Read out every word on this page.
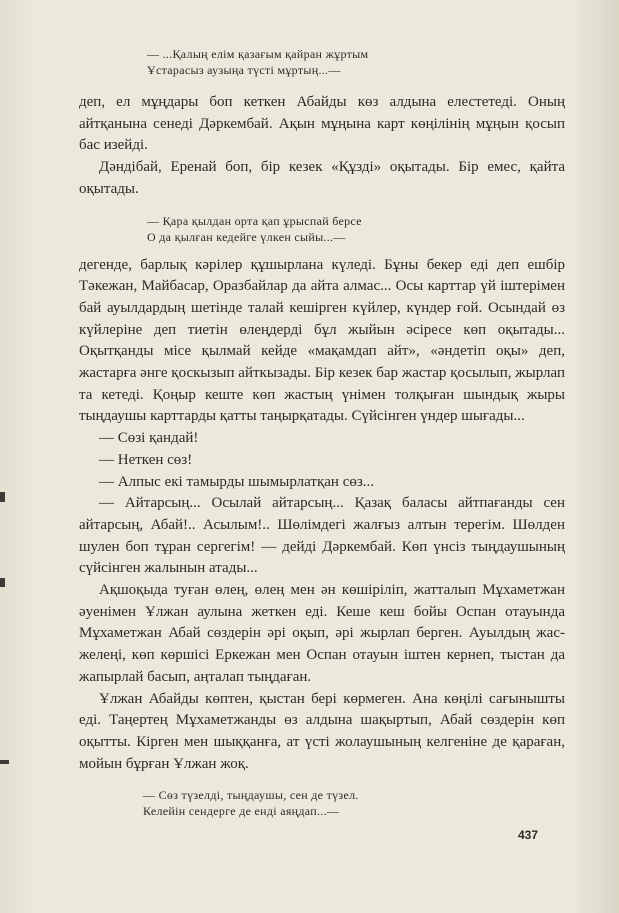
— ...Қалың елім қазағым қайран жұртым
Ұстарасыз аузыңа түсті мұртың...—

деп, ел мұңдары боп кеткен Абайды көз алдына елестетеді. Оның айтқанына сенеді Дәркембай. Ақын мұңына карт көңілінің мұңын қосып бас изейді.

Дәндібай, Еренай боп, бір кезек «Құзді» оқытады. Бір емес, қайта оқытады.

— Қара қылдан орта қап ұрыспай берсе
О да қылған кедейге үлкен сыйы...—

дегенде, барлық кәрілер құшырлана күледі. Бұны бекер еді деп ешбір Тәкежан, Майбасар, Оразбайлар да айта алмас... Осы карттар үй іштерімен бай ауылдардың шетінде талай кешірген күйлер, күндер ғой. Осындай өз күйлеріне деп тиетін өлеңдерді бұл жыйын әсіресе көп оқытады... Оқытқанды мiсе қылмай кейде «мақамдап айт», «әндетіп оқы» деп, жастарға әнге қоскызып айткызады. Бір кезек бар жастар қосылып, жырлап та кетеді. Қоңыр кеште көп жастың үнімен толқыған шындық жыры тыңдаушы карттарды қатты таңырқатады. Сүйсінген үндер шығады...

— Сөзі қандай!

— Неткен сөз!

— Алпыс екі тамырды шымырлатқан сөз...

— Айтарсың... Осылай айтарсың... Қазақ баласы айтпағанды сен айтарсың, Абай!.. Асылым!.. Шөлімдегі жалғыз алтын терегім. Шөлден шулен боп тұран сергегім! — дейді Дәркембай. Көп үнсіз тыңдаушының сүйсінген жалынын атады...

Ақшоқыда туған өлең, өлең мен ән көшіріліп, жатталып Мұхаметжан әуенімен Ұлжан аулына жеткен еді. Кеше кеш бойы Оспан отауында Мұхаметжан Абай сөздерін әрі оқып, әрі жырлап берген. Ауылдың жас-желеңі, көп көршісі Еркежан мен Оспан отауын іштен кернеп, тыстан да жапырлай басып, аңталап тыңдаған.

Ұлжан Абайды көптен, қыстан бері көрмеген. Ана көңілі сағынышты еді. Таңертең Мұхаметжанды өз алдына шақыртып, Абай сөздерін көп оқытты. Кірген мен шыққанға, ат үсті жолаушының келгеніне де қараған, мойын бұрған Ұлжан жоқ.

— Сөз түзелді, тыңдаушы, сен де түзел.
Келейін сендерге де енді аяңдап...—
437
